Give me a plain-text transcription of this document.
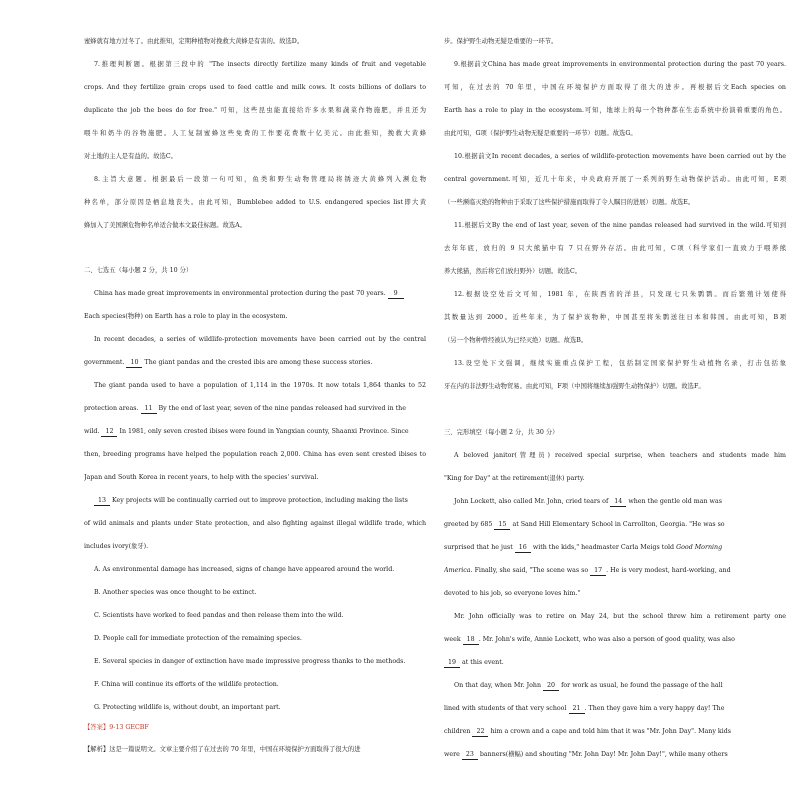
蜜蜂就有地方过冬了。由此推知，定期种植物对挽救大黄蜂是有害的。故选D。
7.推理判断题。根据第三段中的 "The insects directly fertilize many kinds of fruit and vegetable
crops. And they fertilize grain crops used to feed cattle and milk cows. It costs billions of dollars to
duplicate the job the bees do for free." 可知，这些昆虫能直接给许多水果和蔬菜作物施肥，并且还为
喂牛和奶牛的谷物施肥。人工复制蜜蜂这些免费的工作要花费数十亿美元。由此推知，挽救大黄蜂
对土地的主人是有益的。故选C。
8.主旨大意题。根据最后一段第一句可知，鱼类和野生动物管理局将锈迹大黄蜂列入濒危物
种名单，部分原因是栖息地丧失。由此可知，Bumblebee added to U.S. endangered species list即大黄
蜂加入了美国濒危物种名单适合做本文最佳标题。故选A。
二、七选五（每小题 2 分，共 10 分）
China has made great improvements in environmental protection during the past 70 years. 9
Each species(物种) on Earth has a role to play in the ecosystem.
In recent decades, a series of wildlife-protection movements have been carried out by the central
government. 10 The giant pandas and the crested ibis are among these success stories.
The giant panda used to have a population of 1,114 in the 1970s. It now totals 1,864 thanks to 52
protection areas. 11 By the end of last year, seven of the nine pandas released had survived in the
wild. 12 In 1981, only seven crested ibises were found in Yangxian county, Shaanxi Province. Since
then, breeding programs have helped the population reach 2,000. China has even sent crested ibises to
Japan and South Korea in recent years, to help with the species' survival.
13 Key projects will be continually carried out to improve protection, including making the lists
of wild animals and plants under State protection, and also fighting against illegal wildlife trade, which
includes ivory(象牙).
A. As environmental damage has increased, signs of change have appeared around the world.
B. Another species was once thought to be extinct.
C. Scientists have worked to feed pandas and then release them into the wild.
D. People call for immediate protection of the remaining species.
E. Several species in danger of extinction have made impressive progress thanks to the methods.
F. China will continue its efforts of the wildlife protection.
G. Protecting wildlife is, without doubt, an important part.
【答案】9-13 GECBF
【解析】这是一篇说明文。文章主要介绍了在过去的 70 年里，中国在环境保护方面取得了很大的进
步。保护野生动物无疑是重要的一环节。
9.根据前文China has made great improvements in environmental protection during the past 70 years.
可知，在过去的 70 年里，中国在环境保护方面取得了很大的进步。再根据后文Each species on
Earth has a role to play in the ecosystem.可知，地球上的每一个物种都在生态系统中扮演着重要的角色。
由此可知，G项（保护野生动物无疑是重要的一环节）切题。故选G。
10.根据前文In recent decades, a series of wildlife-protection movements have been carried out by the
central government.可知，近几十年来，中央政府开展了一系列的野生动物保护活动。由此可知，E项
（一些濒临灭绝的物种由于采取了这些保护措施而取得了令人瞩目的进展）切题。故选E。
11.根据后文By the end of last year, seven of the nine pandas released had survived in the wild.可知到
去年年底，放归的 9 只大熊猫中有 7 只在野外存活。由此可知，C项（科学家们一直致力于喂养熊
养大熊猫，然后将它们放归野外）切题。故选C。
12.根据设空处后文可知，1981 年，在陕西省的洋县，只发现七只朱鹮鹮。而后繁殖计划使得
其数量达到 2000。近些年来，为了保护该物种，中国甚至将朱鹮送往日本和韩国。由此可知，B项
（另一个物种曾经被认为已经灭绝）切题。故选B。
13.设空处下文强调，继续实施重点保护工程，包括制定国家保护野生动植物名录，打击包括象
牙在内的非法野生动物贸易。由此可知，F项（中国将继续加强野生动物保护）切题。故选F。
三、完形填空（每小题 2 分，共 30 分）
A beloved janitor(管理员) received special surprise, when teachers and students made him
"King for Day" at the retirement(退休) party.
John Lockett, also called Mr. John, cried tears of 14 when the gentle old man was
greeted by 685 15 at Sand Hill Elementary School in Carrollton, Georgia. "He was so
surprised that he just 16 with the kids," headmaster Carla Meigs told Good Morning
America. Finally, she said, "The scene was so 17 . He is very modest, hard-working, and
devoted to his job, so everyone loves him."
Mr. John officially was to retire on May 24, but the school threw him a retirement party one
week 18 . Mr. John's wife, Annie Lockett, who was also a person of good quality, was also
19 at this event.
On that day, when Mr. John 20 for work as usual, he found the passage of the hall
lined with students of that very school 21 . Then they gave him a very happy day! The
children 22 him a crown and a cape and told him that it was "Mr. John Day". Many kids
were 23 banners(横幅) and shouting "Mr. John Day! Mr. John Day!", while many others
